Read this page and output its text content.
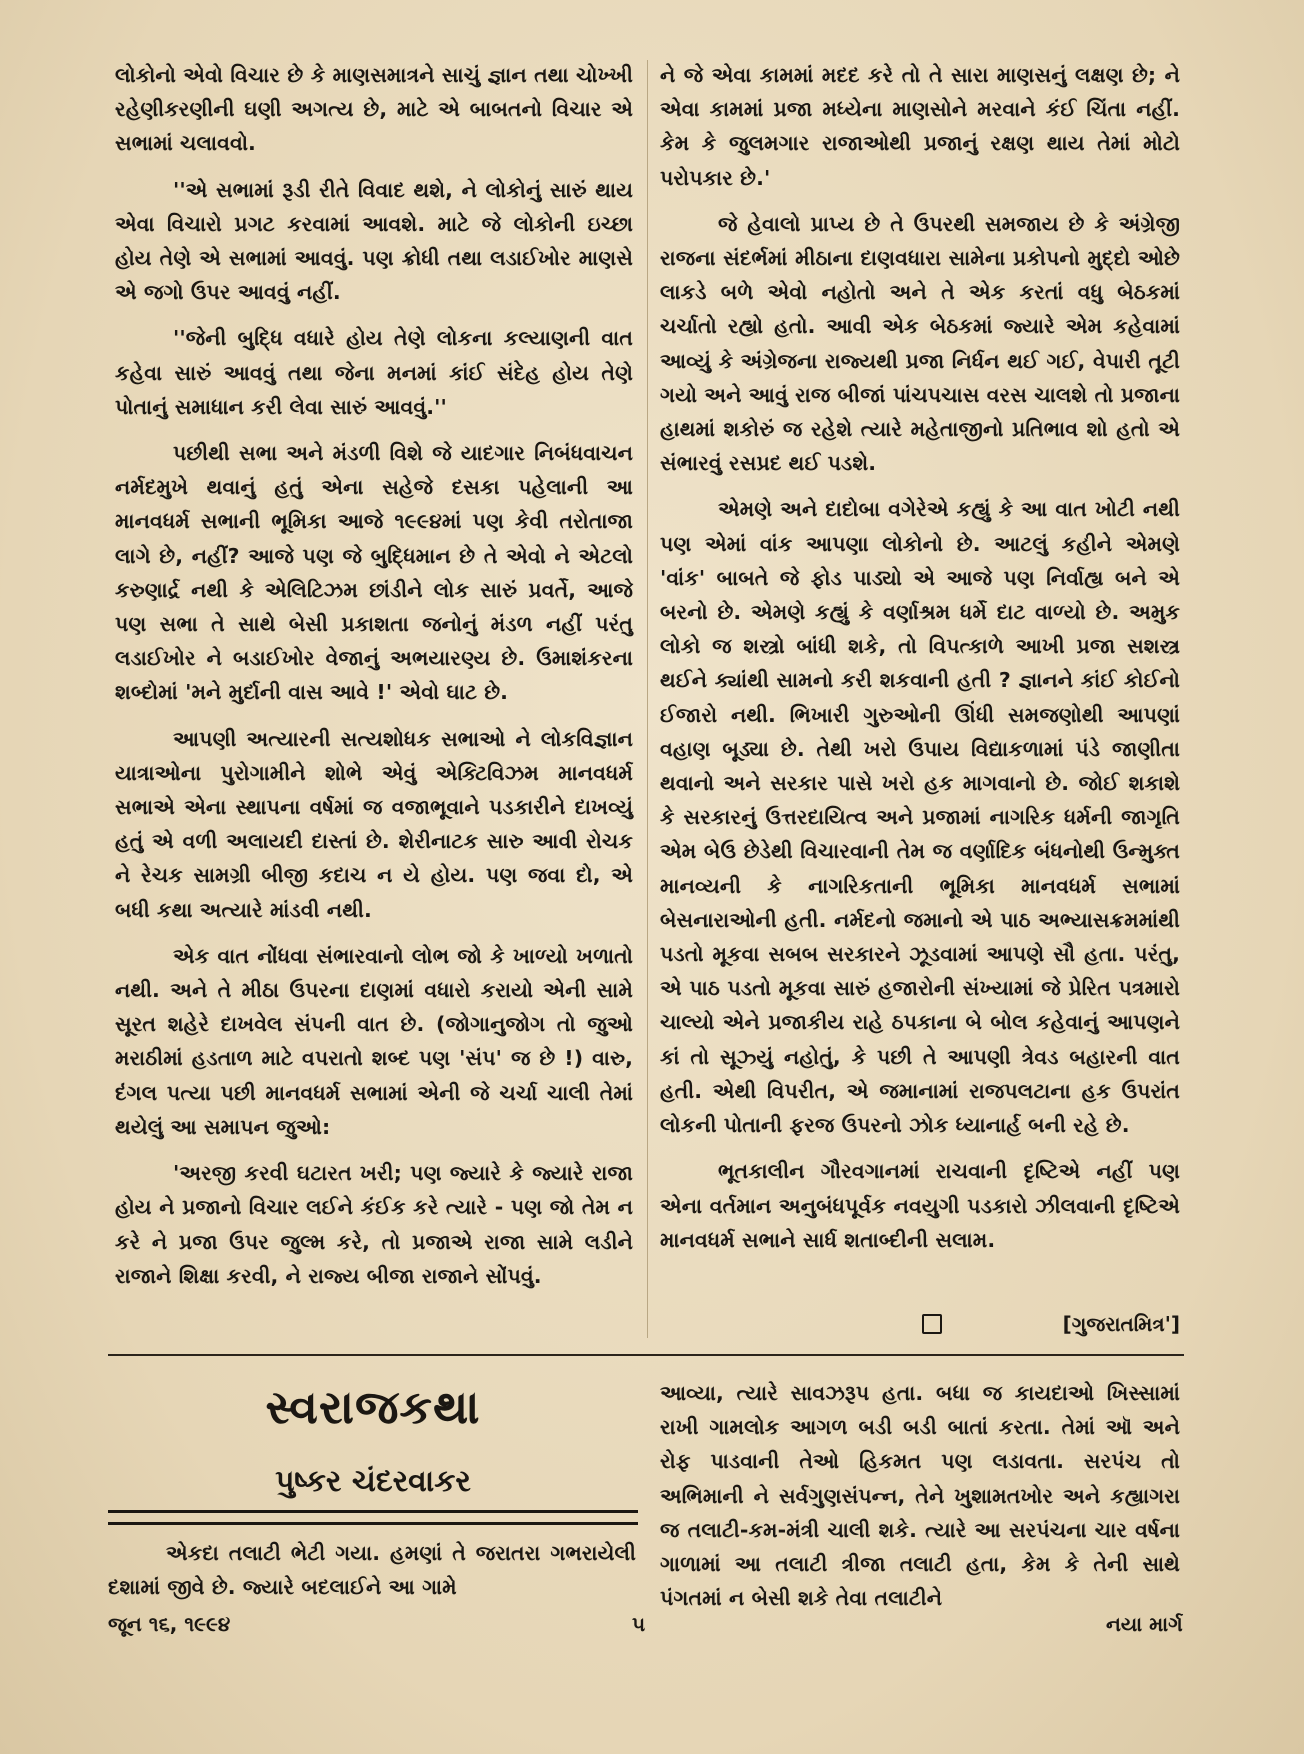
લોકોનો એવો વિચાર છે કે માણસમાત્રને સાચું જ્ઞાન તથા ચોખ્ખી રહેણીકરણીની ઘણી અગત્ય છે, માટે એ બાબતનો વિચાર એ સભામાં ચલાવવો.

''એ સભામાં રૂડી રીતે વિવાદ થશે, ને લોકોનું સારું થાય એવા વિચારો પ્રગટ કરવામાં આવશે. માટે જે લોકોની ઇચ્છા હોય તેણે એ સભામાં આવવું. પણ ક્રોધી તથા લડાઈખોર માણસે એ જગો ઉપર આવવું નહીં.

''જેની બુદ્ધિ વધારે હોય તેણે લોકના કલ્યાણની વાત કહેવા સારું આવવું તથા જેના મનમાં કાંઈ સંદેહ હોય તેણે પોતાનું સમાધાન કરી લેવા સારું આવવું.''

પછીથી સભા અને મંડળી વિશે જે યાદગાર નિબંધવાચન નર્મદમુખે થવાનું હતું એના સહેજે દસકા પહેલાની આ માનવધર્મ સભાની ભૂમિકા આજે ૧૯૯૪માં પણ કેવી તરોતાજા લાગે છે, નહીં? આજે પણ જે બુદ્ધિમાન છે તે એવો ને એટલો કરુણાર્દ્ર નથી કે એલિટિઝમ છાંડીને લોક સારું પ્રવર્તે, આજે પણ સભા તે સાથે બેસી પ્રકાશતા જનોનું મંડળ નહીં પરંતુ લડાઈખોર ને બડાઈખોર વેજાનું અભયારણ્ય છે. ઉમાશંકરના શબ્દોમાં 'મને મુર્દાની વાસ આવે !' એવો ઘાટ છે.

આપણી અત્યારની સત્યશોધક સભાઓ ને લોકવિજ્ઞાન યાત્રાઓના પુરોગામીને શોભે એવું એક્ટિવિઝમ માનવધર્મ સભાએ એના સ્થાપના વર્ષમાં જ વજાભૂવાને પડકારીને દાખવ્યું હતું એ વળી અલાયદી દાસ્તાં છે. શેરીનાટક સારુ આવી રોચક ને રેચક સામગ્રી બીજી કદાચ ન યે હોય. પણ જવા દો, એ બધી કથા અત્યારે માંડવી નથી.

એક વાત નોંધવા સંભારવાનો લોભ જો કે ખાળ્યો ખળાતો નથી. અને તે મીઠા ઉપરના દાણમાં વધારો કરાયો એની સામે સૂરત શહેરે દાખવેલ સંપની વાત છે. (જોગાનુજોગ તો જુઓ મરાઠીમાં હડતાળ માટે વપરાતો શબ્દ પણ 'સંપ' જ છે !) વારુ, દંગલ પત્યા પછી માનવધર્મ સભામાં એની જે ચર્ચા ચાલી તેમાં થયેલું આ સમાપન જુઓ:

'અરજી કરવી ઘટારત ખરી; પણ જ્યારે કે જ્યારે રાજા હોય ને પ્રજાનો વિચાર લઈને કંઈક કરે ત્યારે - પણ જો તેમ ન કરે ને પ્રજા ઉપર જુલ્મ કરે, તો પ્રજાએ રાજા સામે લડીને રાજાને શિક્ષા કરવી, ને રાજ્ય બીજા રાજાને સોંપવું.

ને જે એવા કામમાં મદદ કરે તો તે સારા માણસનું લક્ષણ છે; ને એવા કામમાં પ્રજા મધ્યેના માણસોને મરવાને કંઈ ચિંતા નહીં. કેમ કે જુલમગાર રાજાઓથી પ્રજાનું રક્ષણ થાય તેમાં મોટો પરોપકાર છે.'

જે હેવાલો પ્રાપ્ય છે તે ઉપરથી સમજાય છે કે અંગ્રેજી રાજના સંદર્ભમાં મીઠાના દાણવધારા સામેના પ્રકોપનો મુદ્દો ઓછે લાકડે બળે એવો નહોતો અને તે એક કરતાં વધુ બેઠકમાં ચર્ચાતો રહ્યો હતો. આવી એક બેઠકમાં જ્યારે એમ કહેવામાં આવ્યું કે અંગ્રેજના રાજ્યથી પ્રજા નિર્ધન થઈ ગઈ, વેપારી તૂટી ગયો અને આવું રાજ બીજાં પાંચપચાસ વરસ ચાલશે તો પ્રજાના હાથમાં શકોરું જ રહેશે ત્યારે મહેતાજીનો પ્રતિભાવ શો હતો એ સંભારવું રસપ્રદ થઈ પડશે.

એમણે અને દાદોબા વગેરેએ કહ્યું કે આ વાત ખોટી નથી પણ એમાં વાંક આપણા લોકોનો છે. આટલું કહીને એમણે 'વાંક' બાબતે જે ફોડ પાડ્યો એ આજે પણ નિર્વાહ્ય બને એ બરનો છે. એમણે કહ્યું કે વર્ણાશ્રમ ધર્મે દાટ વાળ્યો છે. અમુક લોકો જ શસ્ત્રો બાંધી શકે, તો વિપત્કાળે આખી પ્રજા સશસ્ત્ર થઈને ક્યાંથી સામનો કરી શકવાની હતી ? જ્ઞાનને કાંઈ કોઈનો ઈજારો નથી. ભિખારી ગુરુઓની ઊંધી સમજણોથી આપણાં વહાણ બૂડ્યા છે. તેથી ખરો ઉપાય વિદ્યાકળામાં પંડે જાણીતા થવાનો અને સરકાર પાસે ખરો હક માગવાનો છે. જોઈ શકાશે કે સરકારનું ઉત્તરદાયિત્વ અને પ્રજામાં નાગરિક ધર્મની જાગૃતિ એમ બેઉ છેડેથી વિચારવાની તેમ જ વર્ણાદિક બંધનોથી ઉન્મુક્ત માનવ્યની કે નાગરિકતાની ભૂમિકા માનવધર્મ સભામાં બેસનારાઓની હતી. નર્મદનો જમાનો એ પાઠ અભ્યાસક્રમમાંથી પડતો મૂકવા સબબ સરકારને ઝૂડવામાં આપણે સૌ હતા. પરંતુ, એ પાઠ પડતો મૂકવા સારું હજારોની સંખ્યામાં જે પ્રેરિત પત્રમારો ચાલ્યો એને પ્રજાકીય રાહે ઠપકાના બે બોલ કહેવાનું આપણને કાં તો સૂઝ્યું નહોતું, કે પછી તે આપણી ત્રેવડ બહારની વાત હતી. એથી વિપરીત, એ જમાનામાં રાજપલટાના હક ઉપરાંત લોકની પોતાની ફરજ ઉપરનો ઝોક ધ્યાનાર્હ બની રહે છે.

ભૂતકાલીન ગૌરવગાનમાં રાચવાની દૃષ્ટિએ નહીં પણ એના વર્તમાન અનુબંધપૂર્વક નવયુગી પડકારો ઝીલવાની દૃષ્ટિએ માનવધર્મ સભાને સાર્ધ શતાબ્દીની સલામ.

[ગુજરાતમિત્ર']
સ્વરાજકથા
પુષ્કર ચંદરવાકર

એકદા તલાટી ભેટી ગયા. હમણાં તે જરાતરા ગભરાયેલી દશામાં જીવે છે. જ્યારે બદલાઈને આ ગામે

આવ્યા, ત્યારે સાવઝરૂપ હતા. બધા જ કાયદાઓ ખિસ્સામાં રાખી ગામલોક આગળ બડી બડી બાતાં કરતા. તેમાં ઑ અને રોફ પાડવાની તેઓ હિકમત પણ લડાવતા. સરપંચ તો અભિમાની ને સર્વગુણસંપન્ન, તેને ખુશામતખોર અને કહ્યાગરા જ તલાટી-કમ-મંત્રી ચાલી શકે. ત્યારે આ સરપંચના ચાર વર્ષના ગાળામાં આ તલાટી ત્રીજા તલાટી હતા, કેમ કે તેની સાથે પંગતમાં ન બેસી શકે તેવા તલાટીને

જૂન ૧૬, ૧૯૯૪	૫	નયા માર્ગ
